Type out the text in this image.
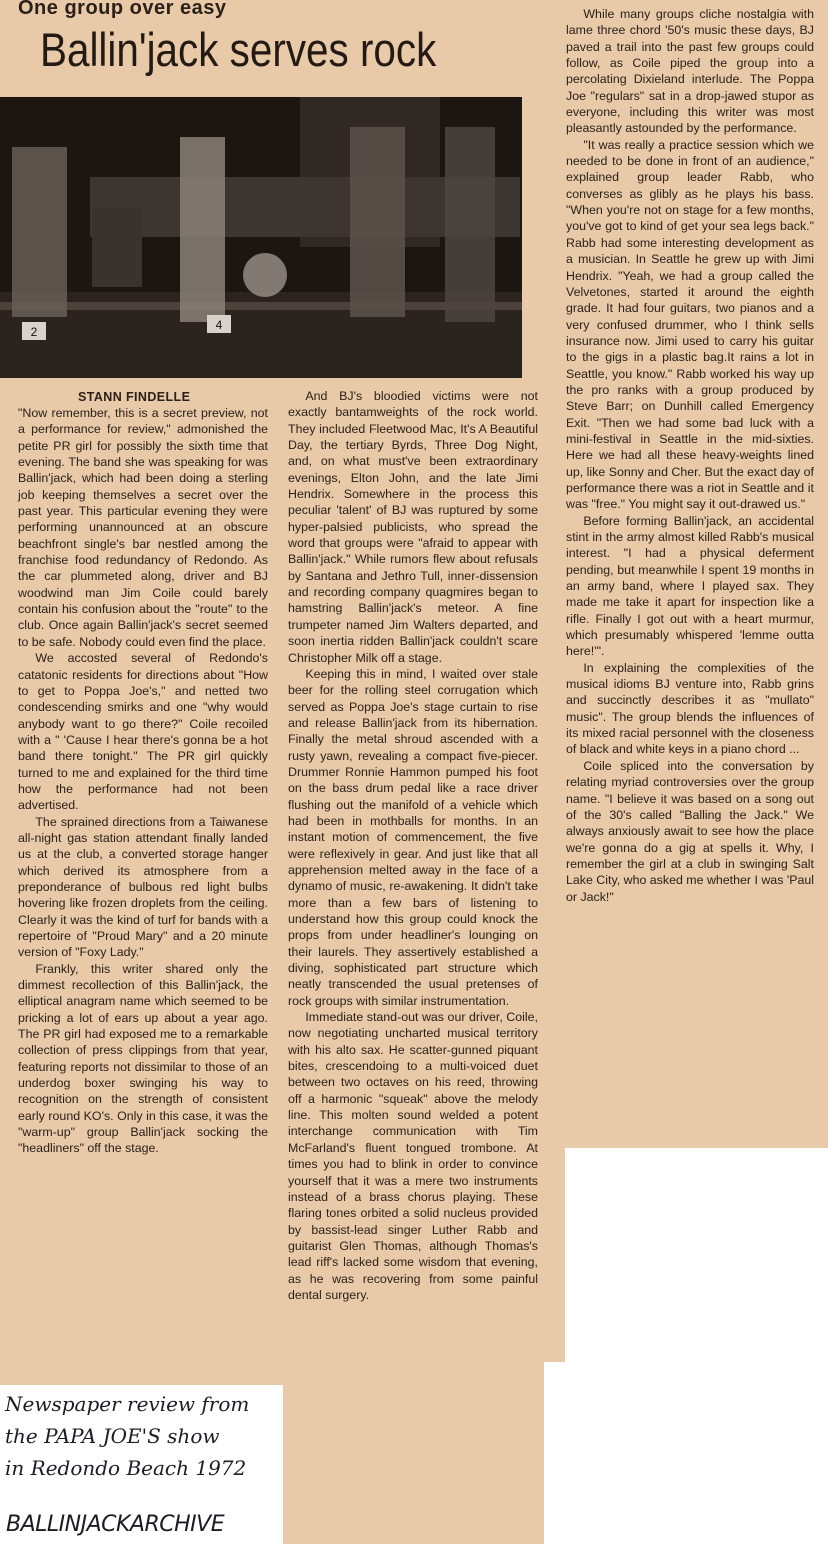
One group over easy
Ballin'jack serves rock
2	4
STANN FINDELLE

"Now remember, this is a secret preview, not a performance for review," admonished the petite PR girl for possibly the sixth time that evening. The band she was speaking for was Ballin'jack, which had been doing a sterling job keeping themselves a secret over the past year. This particular evening they were performing unannounced at an obscure beachfront single's bar nestled among the franchise food redundancy of Redondo. As the car plummeted along, driver and BJ woodwind man Jim Coile could barely contain his confusion about the "route" to the club. Once again Ballin'jack's secret seemed to be safe. Nobody could even find the place.

We accosted several of Redondo's catatonic residents for directions about "How to get to Poppa Joe's," and netted two condescending smirks and one "why would anybody want to go there?" Coile recoiled with a " 'Cause I hear there's gonna be a hot band there tonight." The PR girl quickly turned to me and explained for the third time how the performance had not been advertised.

The sprained directions from a Taiwanese all-night gas station attendant finally landed us at the club, a converted storage hanger which derived its atmosphere from a preponderance of bulbous red light bulbs hovering like frozen droplets from the ceiling. Clearly it was the kind of turf for bands with a repertoire of "Proud Mary" and a 20 minute version of "Foxy Lady."

Frankly, this writer shared only the dimmest recollection of this Ballin'jack, the elliptical anagram name which seemed to be pricking a lot of ears up about a year ago. The PR girl had exposed me to a remarkable collection of press clippings from that year, featuring reports not dissimilar to those of an underdog boxer swinging his way to recognition on the strength of consistent early round KO's. Only in this case, it was the "warm-up" group Ballin'jack socking the "headliners" off the stage.

And BJ's bloodied victims were not exactly bantamweights of the rock world. They included Fleetwood Mac, It's A Beautiful Day, the tertiary Byrds, Three Dog Night, and, on what must've been extraordinary evenings, Elton John, and the late Jimi Hendrix. Somewhere in the process this peculiar 'talent' of BJ was ruptured by some hyper-palsied publicists, who spread the word that groups were "afraid to appear with Ballin'jack." While rumors flew about refusals by Santana and Jethro Tull, inner-dissension and recording company quagmires began to hamstring Ballin'jack's meteor. A fine trumpeter named Jim Walters departed, and soon inertia ridden Ballin'jack couldn't scare Christopher Milk off a stage.

Keeping this in mind, I waited over stale beer for the rolling steel corrugation which served as Poppa Joe's stage curtain to rise and release Ballin'jack from its hibernation. Finally the metal shroud ascended with a rusty yawn, revealing a compact five-piecer. Drummer Ronnie Hammon pumped his foot on the bass drum pedal like a race driver flushing out the manifold of a vehicle which had been in mothballs for months. In an instant motion of commencement, the five were reflexively in gear. And just like that all apprehension melted away in the face of a dynamo of music, re-awakening. It didn't take more than a few bars of listening to understand how this group could knock the props from under headliner's lounging on their laurels. They assertively established a diving, sophisticated part structure which neatly transcended the usual pretenses of rock groups with similar instrumentation.

Immediate stand-out was our driver, Coile, now negotiating uncharted musical territory with his alto sax. He scatter-gunned piquant bites, crescendoing to a multi-voiced duet between two octaves on his reed, throwing off a harmonic "squeak" above the melody line. This molten sound welded a potent interchange communication with Tim McFarland's fluent tongued trombone. At times you had to blink in order to convince yourself that it was a mere two instruments instead of a brass chorus playing. These flaring tones orbited a solid nucleus provided by bassist-lead singer Luther Rabb and guitarist Glen Thomas, although Thomas's lead riff's lacked some wisdom that evening, as he was recovering from some painful dental surgery.

While many groups cliche nostalgia with lame three chord '50's music these days, BJ paved a trail into the past few groups could follow, as Coile piped the group into a percolating Dixieland interlude. The Poppa Joe "regulars" sat in a drop-jawed stupor as everyone, including this writer was most pleasantly astounded by the performance.

"It was really a practice session which we needed to be done in front of an audience," explained group leader Rabb, who converses as glibly as he plays his bass. "When you're not on stage for a few months, you've got to kind of get your sea legs back." Rabb had some interesting development as a musician. In Seattle he grew up with Jimi Hendrix. "Yeah, we had a group called the Velvetones, started it around the eighth grade. It had four guitars, two pianos and a very confused drummer, who I think sells insurance now. Jimi used to carry his guitar to the gigs in a plastic bag.It rains a lot in Seattle, you know." Rabb worked his way up the pro ranks with a group produced by Steve Barr; on Dunhill called Emergency Exit. "Then we had some bad luck with a mini-festival in Seattle in the mid-sixties. Here we had all these heavy-weights lined up, like Sonny and Cher. But the exact day of performance there was a riot in Seattle and it was "free." You might say it out-drawed us."

Before forming Ballin'jack, an accidental stint in the army almost killed Rabb's musical interest. "I had a physical deferment pending, but meanwhile I spent 19 months in an army band, where I played sax. They made me take it apart for inspection like a rifle. Finally I got out with a heart murmur, which presumably whispered 'lemme outta here!'".

In explaining the complexities of the musical idioms BJ venture into, Rabb grins and succinctly describes it as "mullato" music". The group blends the influences of its mixed racial personnel with the closeness of black and white keys in a piano chord ...

Coile spliced into the conversation by relating myriad controversies over the group name. "I believe it was based on a song out of the 30's called "Balling the Jack." We always anxiously await to see how the place we're gonna do a gig at spells it. Why, I remember the girl at a club in swinging Salt Lake City, who asked me whether I was 'Paul or Jack!"

Newspaper review from
the PAPA JOE'S show
in Redondo Beach 1972
BALLINJACKARCHIVE
